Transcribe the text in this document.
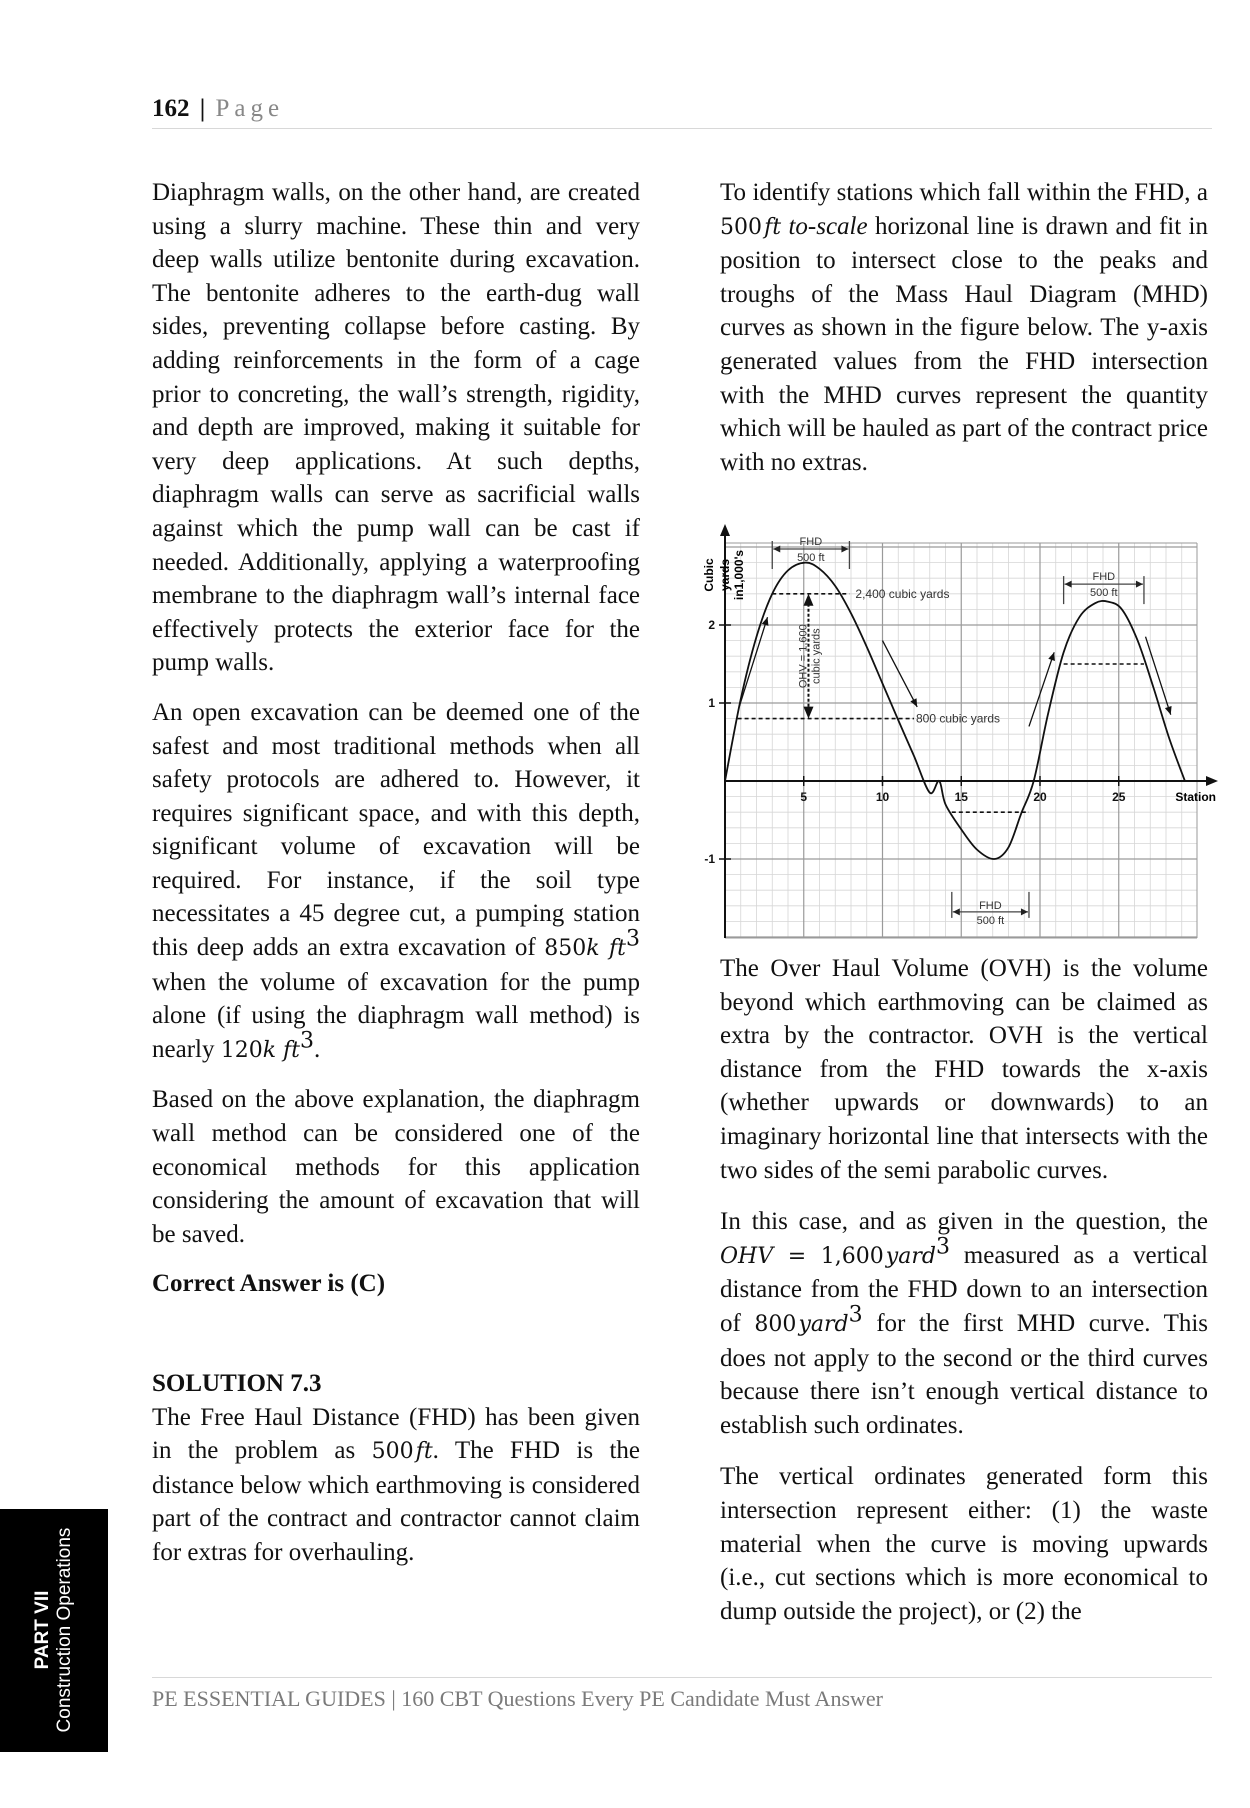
162 | Page

Diaphragm walls, on the other hand, are created using a slurry machine. These thin and very deep walls utilize bentonite during excavation. The bentonite adheres to the earth-dug wall sides, preventing collapse before casting. By adding reinforcements in the form of a cage prior to concreting, the wall’s strength, rigidity, and depth are improved, making it suitable for very deep applications. At such depths, diaphragm walls can serve as sacrificial walls against which the pump wall can be cast if needed. Additionally, applying a waterproofing membrane to the diaphragm wall’s internal face effectively protects the exterior face for the pump walls.

An open excavation can be deemed one of the safest and most traditional methods when all safety protocols are adhered to. However, it requires significant space, and with this depth, significant volume of excavation will be required. For instance, if the soil type necessitates a 45 degree cut, a pumping station this deep adds an extra excavation of 850k $ft^3$ when the volume of excavation for the pump alone (if using the diaphragm wall method) is nearly 120k $ft^3$.

Based on the above explanation, the diaphragm wall method can be considered one of the economical methods for this application considering the amount of excavation that will be saved.

Correct Answer is (C)

SOLUTION 7.3

The Free Haul Distance (FHD) has been given in the problem as 500 ft. The FHD is the distance below which earthmoving is considered part of the contract and contractor cannot claim for extras for overhauling.

To identify stations which fall within the FHD, a 500 ft to-scale horizonal line is drawn and fit in position to intersect close to the peaks and troughs of the Mass Haul Diagram (MHD) curves as shown in the figure below. The y-axis generated values from the FHD intersection with the MHD curves represent the quantity which will be hauled as part of the contract price with no extras.

5	10	15	20	25
2
1
-1
FHD
500 ft
FHD
500 ft
FHD
500 ft
Cubic yards in1,000's
Station
2,400 cubic yards
800 cubic yards
OHV = 1,600 cubic yards

The Over Haul Volume (OVH) is the volume beyond which earthmoving can be claimed as extra by the contractor. OVH is the vertical distance from the FHD towards the x-axis (whether upwards or downwards) to an imaginary horizontal line that intersects with the two sides of the semi parabolic curves.

In this case, and as given in the question, the OHV = 1,600 yard$^3$ measured as a vertical distance from the FHD down to an intersection of 800 yard$^3$ for the first MHD curve. This does not apply to the second or the third curves because there isn’t enough vertical distance to establish such ordinates.

The vertical ordinates generated form this intersection represent either: (1) the waste material when the curve is moving upwards (i.e., cut sections which is more economical to dump outside the project), or (2) the

PE ESSENTIAL GUIDES | 160 CBT Questions Every PE Candidate Must Answer
PART VII Construction Operations
